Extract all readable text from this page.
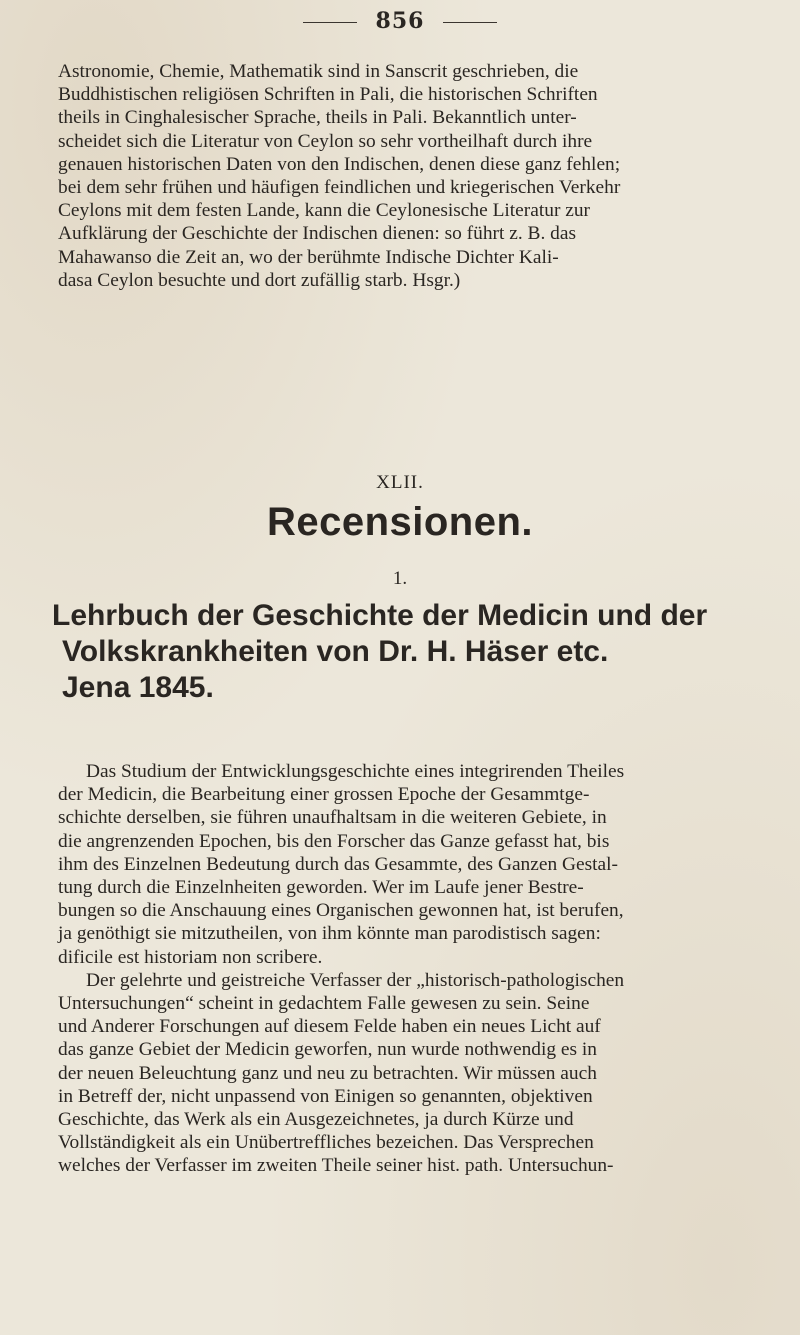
856

Astronomie, Chemie, Mathematik sind in Sanscrit geschrieben, die
Buddhistischen religiösen Schriften in Pali, die historischen Schriften
theils in Cinghalesischer Sprache, theils in Pali. Bekanntlich unter-
scheidet sich die Literatur von Ceylon so sehr vortheilhaft durch ihre
genauen historischen Daten von den Indischen, denen diese ganz fehlen;
bei dem sehr frühen und häufigen feindlichen und kriegerischen Verkehr
Ceylons mit dem festen Lande, kann die Ceylonesische Literatur zur
Aufklärung der Geschichte der Indischen dienen: so führt z. B. das
Mahawanso die Zeit an, wo der berühmte Indische Dichter Kali-
dasa Ceylon besuchte und dort zufällig starb. Hsgr.)

XLII.
Recensionen.
1.
Lehrbuch der Geschichte der Medicin und der
Volkskrankheiten von Dr. H. Häser etc.
Jena 1845.

Das Studium der Entwicklungsgeschichte eines integrirenden Theiles
der Medicin, die Bearbeitung einer grossen Epoche der Gesammtge-
schichte derselben, sie führen unaufhaltsam in die weiteren Gebiete, in
die angrenzenden Epochen, bis den Forscher das Ganze gefasst hat, bis
ihm des Einzelnen Bedeutung durch das Gesammte, des Ganzen Gestal-
tung durch die Einzelnheiten geworden. Wer im Laufe jener Bestre-
bungen so die Anschauung eines Organischen gewonnen hat, ist berufen,
ja genöthigt sie mitzutheilen, von ihm könnte man parodistisch sagen:
dificile est historiam non scribere.

Der gelehrte und geistreiche Verfasser der „historisch-pathologischen
Untersuchungen“ scheint in gedachtem Falle gewesen zu sein. Seine
und Anderer Forschungen auf diesem Felde haben ein neues Licht auf
das ganze Gebiet der Medicin geworfen, nun wurde nothwendig es in
der neuen Beleuchtung ganz und neu zu betrachten. Wir müssen auch
in Betreff der, nicht unpassend von Einigen so genannten, objektiven
Geschichte, das Werk als ein Ausgezeichnetes, ja durch Kürze und
Vollständigkeit als ein Unübertreffliches bezeichen. Das Versprechen
welches der Verfasser im zweiten Theile seiner hist. path. Untersuchun-
